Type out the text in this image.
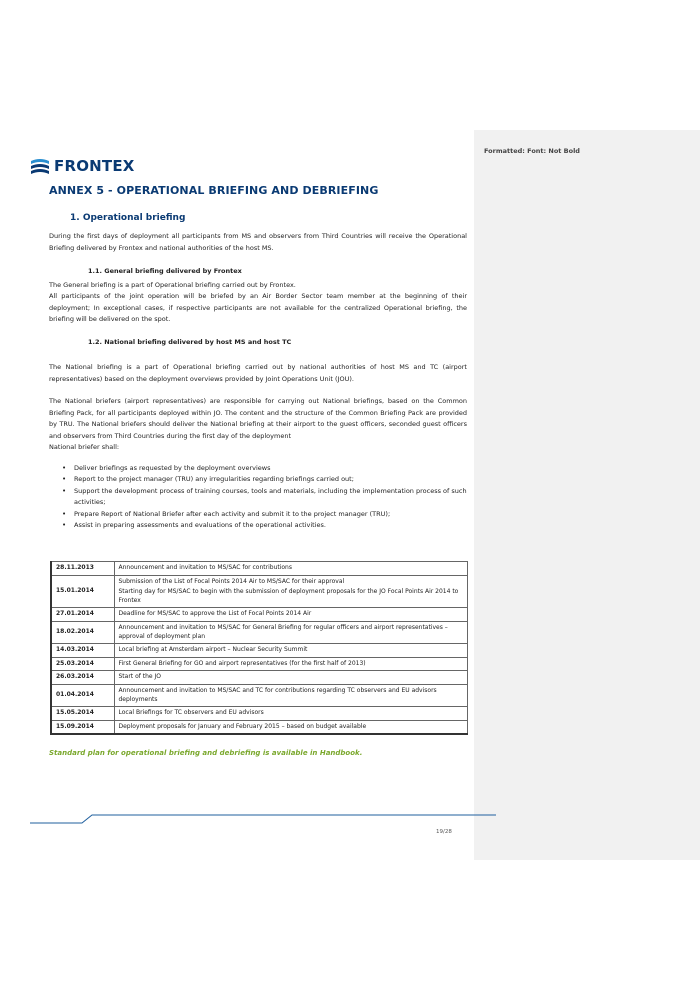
Formatted: Font: Not Bold
FRONTEX
ANNEX 5 - OPERATIONAL BRIEFING AND DEBRIEFING
1. Operational briefing
During the first days of deployment all participants from MS and observers from Third Countries will receive the Operational Briefing delivered by Frontex and national authorities of the host MS.
1.1. General briefing delivered by Frontex
The General briefing is a part of Operational briefing carried out by Frontex.
All participants of the joint operation will be briefed by an Air Border Sector team member at the beginning of their deployment; In exceptional cases, if respective participants are not available for the centralized Operational briefing, the briefing will be delivered on the spot.
1.2. National briefing delivered by host MS and host TC
The National briefing is a part of Operational briefing carried out by national authorities of host MS and TC (airport representatives) based on the deployment overviews provided by Joint Operations Unit (JOU).
The National briefers (airport representatives) are responsible for carrying out National briefings, based on the Common Briefing Pack, for all participants deployed within JO. The content and the structure of the Common Briefing Pack are provided by TRU. The National briefers should deliver the National briefing at their airport to the guest officers, seconded guest officers and observers from Third Countries during the first day of the deployment
National briefer shall:
• Deliver briefings as requested by the deployment overviews
• Report to the project manager (TRU) any irregularities regarding briefings carried out;
• Support the development process of training courses, tools and materials, including the implementation process of such activities;
• Prepare Report of National Briefer after each activity and submit it to the project manager (TRU);
• Assist in preparing assessments and evaluations of the operational activities.
28.11.2013	Announcement and invitation to MS/SAC for contributions

15.01.2014	Submission of the List of Focal Points 2014 Air to MS/SAC for their approval
Starting day for MS/SAC to begin with the submission of deployment proposals for the JO Focal Points Air 2014 to Frontex

27.01.2014	Deadline for MS/SAC to approve the List of Focal Points 2014 Air

18.02.2014	Announcement and invitation to MS/SAC for General Briefing for regular officers and airport representatives – approval of deployment plan

14.03.2014	Local briefing at Amsterdam airport – Nuclear Security Summit

25.03.2014	First General Briefing for GO and airport representatives (for the first half of 2013)

26.03.2014	Start of the JO

01.04.2014	Announcement and invitation to MS/SAC and TC for contributions regarding TC observers and EU advisors deployments

15.05.2014	Local Briefings for TC observers and EU advisors

15.09.2014	Deployment proposals for January and February 2015 – based on budget available
Standard plan for operational briefing and debriefing is available in Handbook.
19/28
